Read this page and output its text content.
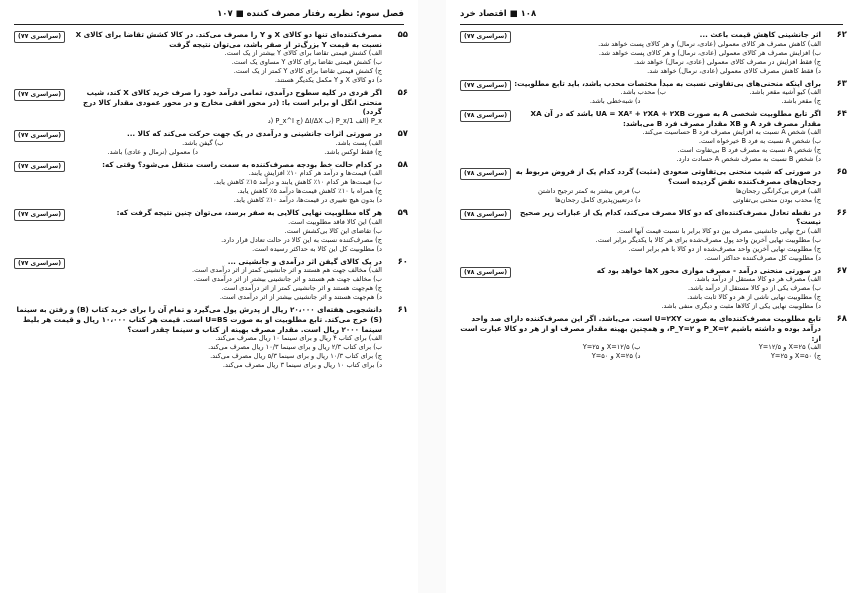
فصل سوم: نظریه رفتار مصرف کننده ■ ۱۰۷
۵۵
(سراسری ۷۷)	مصرف‌کننده‌ای تنها دو کالای X و Y را مصرف می‌کند. در کالا کشش تقاضا برای کالای X نسبت به قیمت Y بزرگ‌تر از صفر باشد، می‌توان نتیجه گرفت
الف) کشش قیمتی تقاضا برای کالای Y بیشتر از یک است.
ب) کشش قیمتی تقاضا برای کالای Y مساوی یک است.
ج) کشش قیمتی تقاضا برای کالای Y کمتر از یک است.
د) دو کالای X و Y مکمل یکدیگر هستند.
۵۶
(سراسری ۷۷)	اگر فردی در کلیه سطوح درآمدی، تمامی درآمد خود را صرف خرید کالای X کند، شیب منحنی انگل او برابر است با: (در محور افقی مخارج و در محور عمودی مقدار کالا درج گردد)
P_x (الف 1/P_x (ب ΔI/ΔX (ج P_x^I (د
۵۷
(سراسری ۷۷)	در صورتی اثرات جانشینی و درآمدی در یک جهت حرکت می‌کند که کالا ...
الف) پست باشد.
ب) گیفن باشد.
ج) فقط لوکس باشد.
د) معمولی (نرمال و عادی) باشد.
۵۸
(سراسری ۷۷)	در کدام حالت خط بودجه مصرف‌کننده به سمت راست منتقل می‌شود؟ وقتی که:
الف) قیمت‌ها و درآمد هر کدام ۱۰٪ افزایش یابند.
ب) قیمت‌ها هر کدام ۱۰٪ کاهش یابند و درآمد ۱۵٪ کاهش یابد.
ج) همراه با ۱۰٪ کاهش قیمت‌ها درآمد ۵٪ کاهش یابد.
د) بدون هیچ تغییری در قیمت‌ها، درآمد ۱۰٪ کاهش یابد.
۵۹
(سراسری ۷۷)	هر گاه مطلوبیت نهایی کالایی به صفر برسد، می‌توان چنین نتیجه گرفت که:
الف) این کالا فاقد مطلوبیت است.
ب) تقاضای این کالا بی‌کشش است.
ج) مصرف‌کننده نسبت به این کالا در حالت تعادل قرار دارد.
د) مطلوبیت کل این کالا به حداکثر رسیده است.
۶۰
(سراسری ۷۷)	در یک کالای گیفن اثر درآمدی و جانشینی ...
الف) مخالف جهت هم هستند و اثر جانشینی کمتر از اثر درآمدی است.
ب) مخالف جهت هم هستند و اثر جانشینی بیشتر از اثر درآمدی است.
ج) هم‌جهت هستند و اثر جانشینی کمتر از اثر درآمدی است.
د) هم‌جهت هستند و اثر جانشینی بیشتر از اثر درآمدی است.
۶۱
دانشجویی هفته‌ای ۲۰،۰۰۰ ریال از پدرش پول می‌گیرد و تمام آن را برای خرید کتاب (B) و رفتن به سینما (S) خرج می‌کند. تابع مطلوبیت او به صورت U=BS است. قیمت هر کتاب ۱۰،۰۰۰ ریال و قیمت هر بلیط سینما ۲۰۰۰ ریال است. مقدار مصرف بهینه از کتاب و سینما چقدر است؟
الف) برای کتاب ۴ ریال و برای سینما ۱۰ ریال مصرف می‌کند.
ب) برای کتاب ۲/۳ ریال و برای سینما ۱۰/۳ ریال مصرف می‌کند.
ج) برای کتاب ۱۰/۳ ریال و برای سینما ۵/۳ ریال مصرف می‌کند.
د) برای کتاب ۱۰ ریال و برای سینما ۳ ریال مصرف می‌کند.
۱۰۸ ■ اقتصاد خرد
۶۲
(سراسری ۷۷)	اثر جانشینی کاهش قیمت باعث ...
الف) کاهش مصرف هر کالای معمولی (عادی، نرمال) و هر کالای پست خواهد شد.
ب) افزایش مصرف هر کالای معمولی (عادی، نرمال) و هر کالای پست خواهد شد.
ج) فقط افزایش در مصرف کالای معمولی (عادی، نرمال) خواهد شد.
د) فقط کاهش مصرف کالای معمولی (عادی، نرمال) خواهد شد.
۶۳
(سراسری ۷۷)	برای اینکه منحنی‌های بی‌تفاوتی نسبت به مبدأ مختصات محدب باشد، باید تابع مطلوبیت:
الف) کیو آشیه مقعر باشد.
ب) محدب باشد.
ج) مقعر باشد.
د) شبه‌خطی باشد.
۶۴
(سراسری ۷۸)	اگر تابع مطلوبیت شخصی A به صورت UA = XA² + ۲XA + ۲XB باشد که در آن XA مقدار مصرف فرد A و XB مقدار مصرف فرد B می‌باشد:
الف) شخص A نسبت به افزایش مصرف فرد B حساسیت می‌کند.
ب) شخص A نسبت به فرد B خیرخواه است.
ج) شخص A نسبت به مصرف فرد B بی‌تفاوت است.
د) شخص B نسبت به مصرف شخص A حسادت دارد.
۶۵
(سراسری ۷۸)	در صورتی که شیب منحنی بی‌تفاوتی صعودی (مثبت) گردد کدام یک از فروض مربوط به رجحان‌های مصرف‌کننده نقض گردیده است؟
الف) فرض بی‌کرانگی رجحان‌ها
ب) فرض بیشتر به کمتر ترجیح داشتن
ج) محدب بودن منحنی بی‌تفاوتی
د) درتعیین‌پذیری کامل رجحان‌ها
۶۶
(سراسری ۷۸)	در نقطه تعادل مصرف‌کننده‌ای که دو کالا مصرف می‌کند، کدام یک از عبارات زیر صحیح نیست؟
الف) نرخ نهایی جانشینی مصرف بین دو کالا برابر با نسبت قیمت آنها است.
ب) مطلوبیت نهایی آخرین واحد پول مصرف‌شده برای هر کالا با یکدیگر برابر است.
ج) مطلوبیت نهایی آخرین واحد مصرف‌شده از دو کالا با هم برابر است.
د) مطلوبیت کل مصرف‌کننده حداکثر است.
۶۷
(سراسری ۷۸)	در صورتی منحنی درآمد - مصرف موازی محور Xها خواهد بود که
الف) مصرف هر دو کالا مستقل از درآمد باشد.
ب) مصرف یکی از دو کالا مستقل از درآمد باشد.
ج) مطلوبیت نهایی ناشی از هر دو کالا ثابت باشد.
د) مطلوبیت نهایی یکی از کالاها مثبت و دیگری منفی باشد.
۶۸
تابع مطلوبیت مصرف‌کننده‌ای به صورت U=۲XY است. می‌باشد. اگر این مصرف‌کننده دارای صد واحد درآمد بوده و داشته باشیم P_X=۲ و P_Y=۲، و همچنین بهینه مقدار مصرف او از هر دو کالا عبارت است از:
الف) X=۲۵ و Y=۱۲/۵
ب) X=۱۲/۵ و Y=۲۵
ج) X=۵۰ و Y=۲۵
د) X=۲۵ و Y=۵۰
